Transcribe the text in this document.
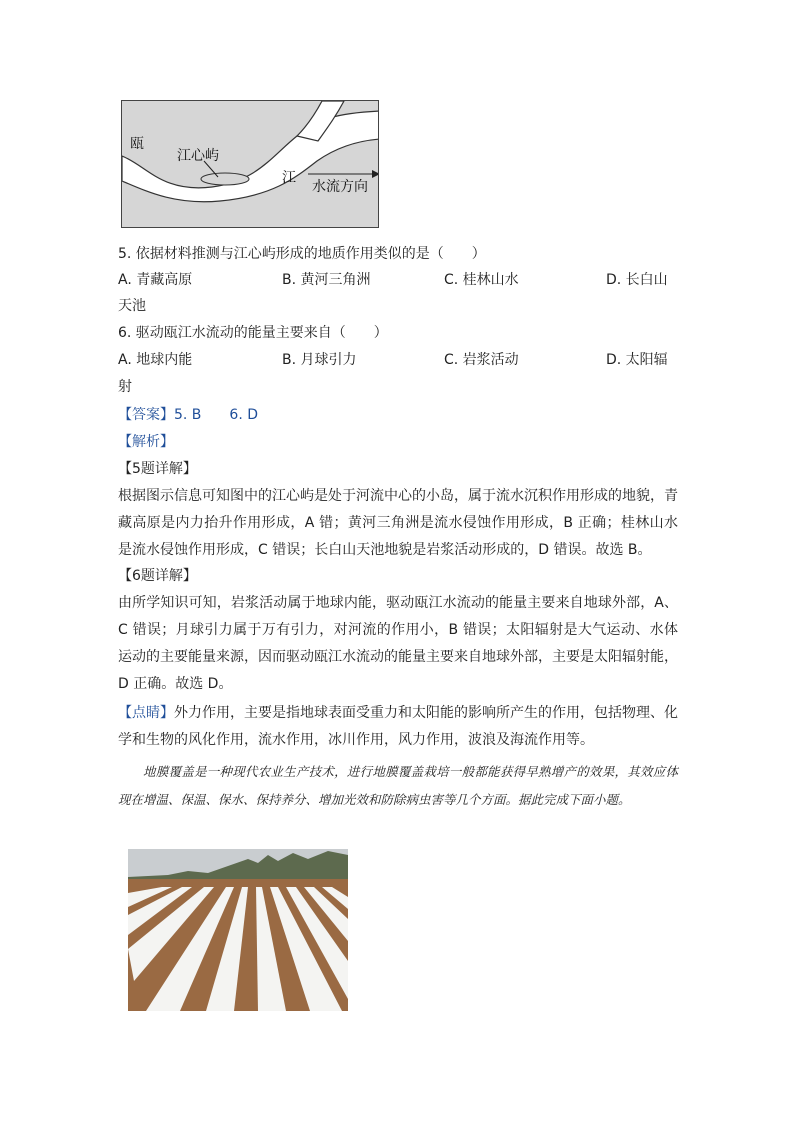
瓯
江心屿
江
水流方向
5. 依据材料推测与江心屿形成的地质作用类似的是（　　）
A. 青藏高原	B. 黄河三角洲	C. 桂林山水	D. 长白山
天池
6. 驱动瓯江水流动的能量主要来自（　　）
A. 地球内能	B. 月球引力	C. 岩浆活动	D. 太阳辐
射
【答案】5. B　　6. D
【解析】
【5题详解】
根据图示信息可知图中的江心屿是处于河流中心的小岛，属于流水沉积作用形成的地貌，青藏高原是内力抬升作用形成，A 错；黄河三角洲是流水侵蚀作用形成，B 正确；桂林山水是流水侵蚀作用形成，C 错误；长白山天池地貌是岩浆活动形成的，D 错误。故选 B。
【6题详解】
由所学知识可知，岩浆活动属于地球内能，驱动瓯江水流动的能量主要来自地球外部，A、C 错误；月球引力属于万有引力，对河流的作用小，B 错误；太阳辐射是大气运动、水体运动的主要能量来源，因而驱动瓯江水流动的能量主要来自地球外部，主要是太阳辐射能，D 正确。故选 D。
【点睛】外力作用，主要是指地球表面受重力和太阳能的影响所产生的作用，包括物理、化学和生物的风化作用，流水作用，冰川作用，风力作用，波浪及海流作用等。
地膜覆盖是一种现代农业生产技术，进行地膜覆盖栽培一般都能获得早熟增产的效果，其效应体现在增温、保温、保水、保持养分、增加光效和防除病虫害等几个方面。据此完成下面小题。
